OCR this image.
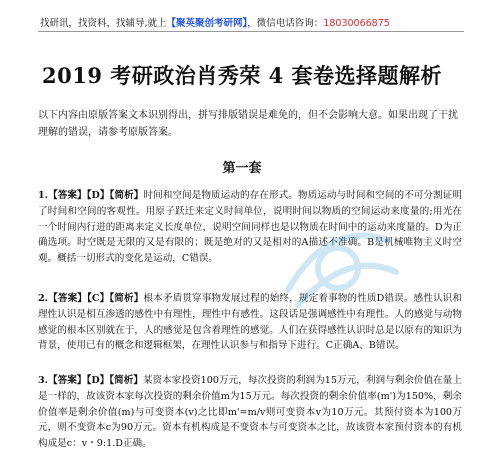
找研讯，找资料，找辅导,就上【聚英聚创考研网】，微信电话咨询：18030066875
2019 考研政治肖秀荣 4 套卷选择题解析
以下内容由原版答案文本识别得出，拼写排版错误是难免的，但不会影响大意。如果出现了干扰理解的错误，请参考原版答案。
第一套
1.【答案】【D】【简析】时间和空间是物质运动的存在形式。物质运动与时间和空间的不可分割证明了时间和空间的客观性。用原子跃迁来定义时间单位，说明时间以物质的空间运动来度量的;用光在一个时间内行进的距离来定义长度单位，说明空间同样也是以物质在时间中的运动来度量的。D为正确选项。时空既是无限的又是有限的；既是绝对的又是相对的A描述不准确。B是机械唯物主义时空观。概括一切形式的变化是运动，C错误。
2.【答案】【C】【简析】根本矛盾贯穿事物发展过程的始终，规定着事物的性质D错误。感性认识和理性认识是相互渗透的感性中有理性，理性中有感性。这段话是强调感性中有理性。人的感觉与动物感觉的根本区别就在于，人的感觉是包含着理性的感觉。人们在获得感性认识时总是以原有的知识为背景，使用已有的概念和逻辑框架，在理性认识参与和指导下进行。C正确A、B错误。
3.【答案】【D】【简析】某资本家投资100万元，每次投资的利润为15万元，利润与剩余价值在量上是一样的，故该资本家每次投资的剩余价值m为15万元。每次投资的剩余价值率(m')为150%，剩余价值率是剩余价值(m)与可变资本(v)之比即m'=m/v则可变资本v为10万元。其预付资本为100万元，则不变资本c为90万元。资本有机构成是不变资本与可变资本之比，故该资本家预付资本的有机构成是c：v・9:1.D正确。
